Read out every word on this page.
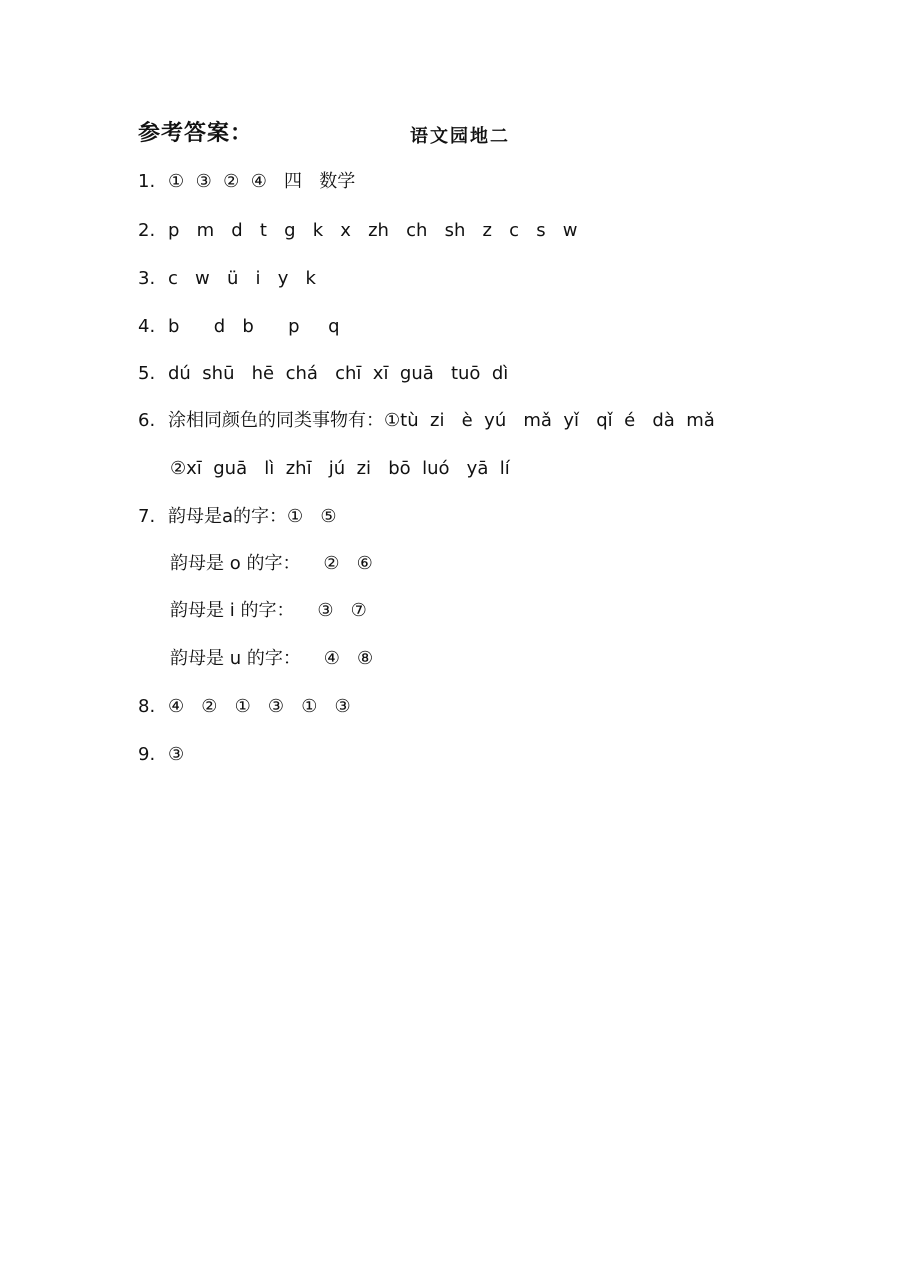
参考答案：	语文园地二
1. ①  ③  ②  ④   四   数学
2. p   m   d   t   g   k   x   zh   ch   sh   z   c   s   w
3. c   w   ü   i   y   k
4. b      d   b      p     q
5. dú  shū   hē  chá   chī  xī  guā   tuō  dì
6. 涂相同颜色的同类事物有：①tù  zi   è  yú   mǎ  yǐ   qǐ  é   dà  mǎ
②xī  guā   lì  zhī   jú  zi   bō  luó   yā  lí
7. 韵母是a的字：①   ⑤
韵母是 o 的字：    ②   ⑥
韵母是 i 的字：    ③   ⑦
韵母是 u 的字：    ④   ⑧
8. ④   ②   ①   ③   ①   ③
9. ③
